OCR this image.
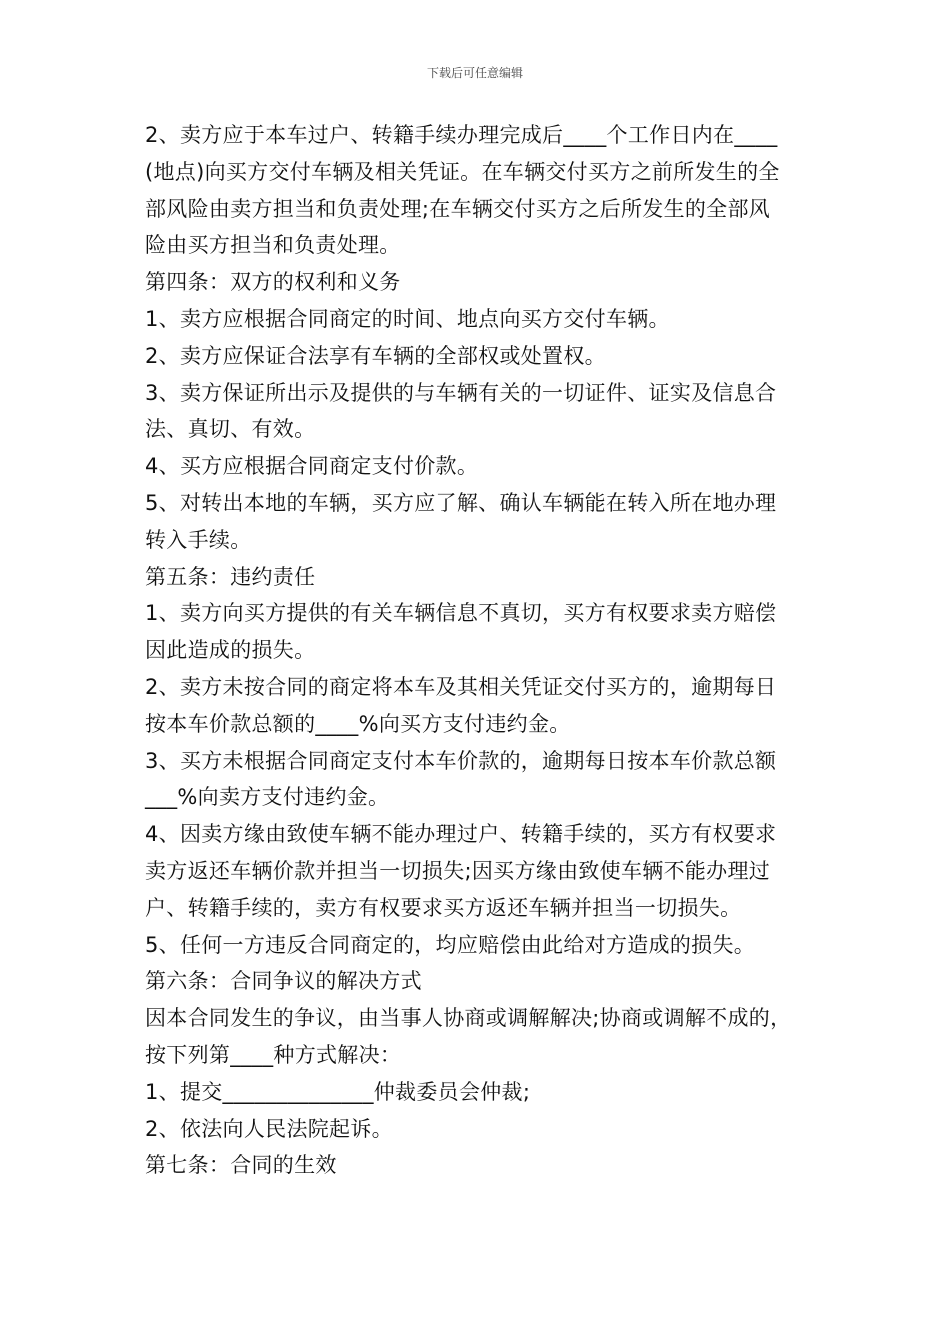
下载后可任意编辑
2、卖方应于本车过户、转籍手续办理完成后____个工作日内在____
(地点)向买方交付车辆及相关凭证。在车辆交付买方之前所发生的全
部风险由卖方担当和负责处理;在车辆交付买方之后所发生的全部风
险由买方担当和负责处理。
第四条：双方的权利和义务
1、卖方应根据合同商定的时间、地点向买方交付车辆。
2、卖方应保证合法享有车辆的全部权或处置权。
3、卖方保证所出示及提供的与车辆有关的一切证件、证实及信息合
法、真切、有效。
4、买方应根据合同商定支付价款。
5、对转出本地的车辆，买方应了解、确认车辆能在转入所在地办理
转入手续。
第五条：违约责任
1、卖方向买方提供的有关车辆信息不真切，买方有权要求卖方赔偿
因此造成的损失。
2、卖方未按合同的商定将本车及其相关凭证交付买方的，逾期每日
按本车价款总额的____%向买方支付违约金。
3、买方未根据合同商定支付本车价款的，逾期每日按本车价款总额
___%向卖方支付违约金。
4、因卖方缘由致使车辆不能办理过户、转籍手续的，买方有权要求
卖方返还车辆价款并担当一切损失;因买方缘由致使车辆不能办理过
户、转籍手续的，卖方有权要求买方返还车辆并担当一切损失。
5、任何一方违反合同商定的，均应赔偿由此给对方造成的损失。
第六条：合同争议的解决方式
因本合同发生的争议，由当事人协商或调解解决;协商或调解不成的，
按下列第____种方式解决：
1、提交______________仲裁委员会仲裁;
2、依法向人民法院起诉。
第七条：合同的生效
